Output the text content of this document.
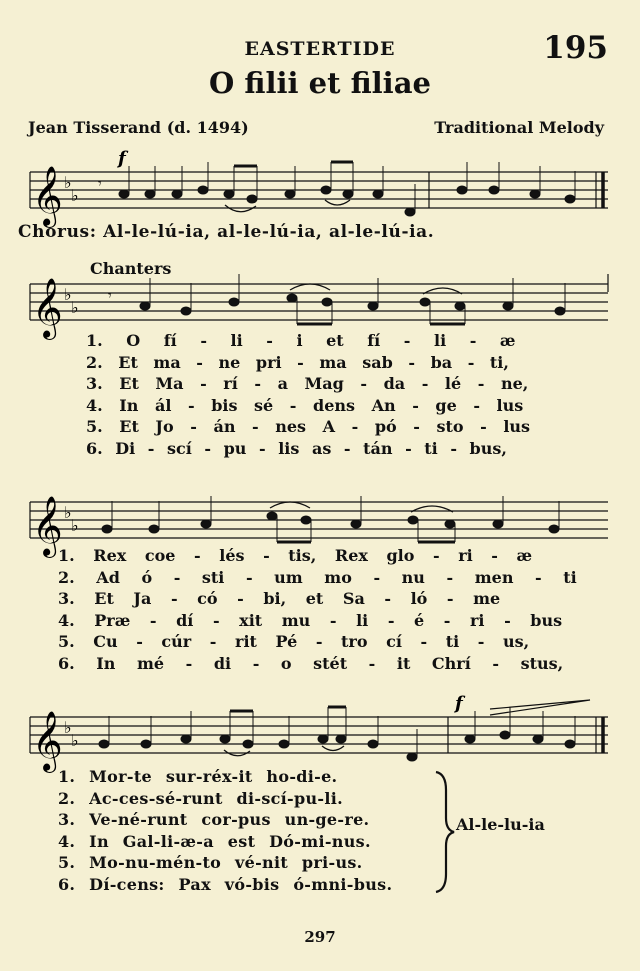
EASTERTIDE	195
O filii et filiae
Jean Tisserand (d. 1494)	Traditional Melody
𝄞 ♭
♭
𝄾
f
Chorus: Al-le-lú-ia, al-le-lú-ia, al-le-lú-ia.
Chanters
𝄞 ♭
♭
𝄾
1. O fí - li - i et fí - li - æ
2. Et ma - ne pri - ma sab - ba - ti,
3. Et Ma - rí - a Mag - da - lé - ne,
4. In ál - bis sé - dens An - ge - lus
5. Et Jo - án - nes A - pó - sto - lus
6. Di - scí - pu - lis as - tán - ti - bus,
𝄞 ♭
♭
1. Rex coe - lés - tis, Rex glo - ri - æ
2. Ad ó - sti - um mo - nu - men - ti
3. Et Ja - có - bi, et Sa - ló - me
4. Præ - dí - xit mu - li - é - ri - bus
5. Cu - cúr - rit Pé - tro cí - ti - us,
6. In mé - di - o stét - it Chrí - stus,
𝄞 ♭
♭
f
1. Mor-te sur-réx-it ho-di-e.
2. Ac-ces-sé-runt di-scí-pu-li.
3. Ve-né-runt cor-pus un-ge-re.
4. In Gal-li-æ-a est Dó-mi-nus.
5. Mo-nu-mén-to vé-nit pri-us.
6. Dí-cens: Pax vó-bis ó-mni-bus.
Al-le-lu-ia
297
